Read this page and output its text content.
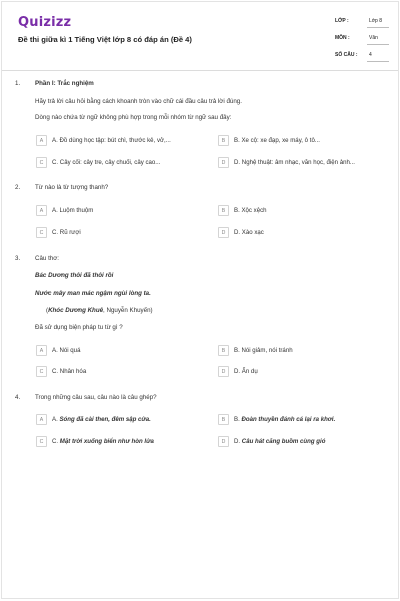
Quizizz
Đề thi giữa kì 1 Tiếng Việt lớp 8 có đáp án (Đề 4)
LỚP :	Lớp 8
MÔN :	Văn
SỐ CÂU : 4
1. Phần I: Trắc nghiệm
Hãy trả lời câu hỏi bằng cách khoanh tròn vào chữ cái đầu câu trả lời đúng.
Dòng nào chứa từ ngữ không phù hợp trong mỗi nhóm từ ngữ sau đây:
A	A. Đồ dùng học tập: bút chì, thước kẻ, vở,...	B	B. Xe cộ: xe đạp, xe máy, ô tô...
C	C. Cây cối: cây tre, cây chuối, cây cao...	D	D. Nghệ thuật: âm nhạc, văn học, điện ảnh...
2. Từ nào là từ tượng thanh?
A	A. Luộm thuộm	B	B. Xộc xệch
C	C. Rũ rượi	D	D. Xào xạc
3. Câu thơ:
Bác Dương thôi đã thôi rồi
Nước mây man mác ngậm ngùi lòng ta.
(Khóc Dương Khuê, Nguyễn Khuyến)
Đã sử dụng biện pháp tu từ gì ?
A	A. Nói quá	B	B. Nói giảm, nói tránh
C	C. Nhân hóa	D	D. Ẩn dụ
4. Trong những câu sau, câu nào là câu ghép?
A	A. Sóng đã cài then, đêm sập cửa.	B	B. Đoàn thuyền đánh cá lại ra khơi.
C	C. Mặt trời xuống biển như hòn lửa	D	D. Câu hát căng buồm cùng gió
